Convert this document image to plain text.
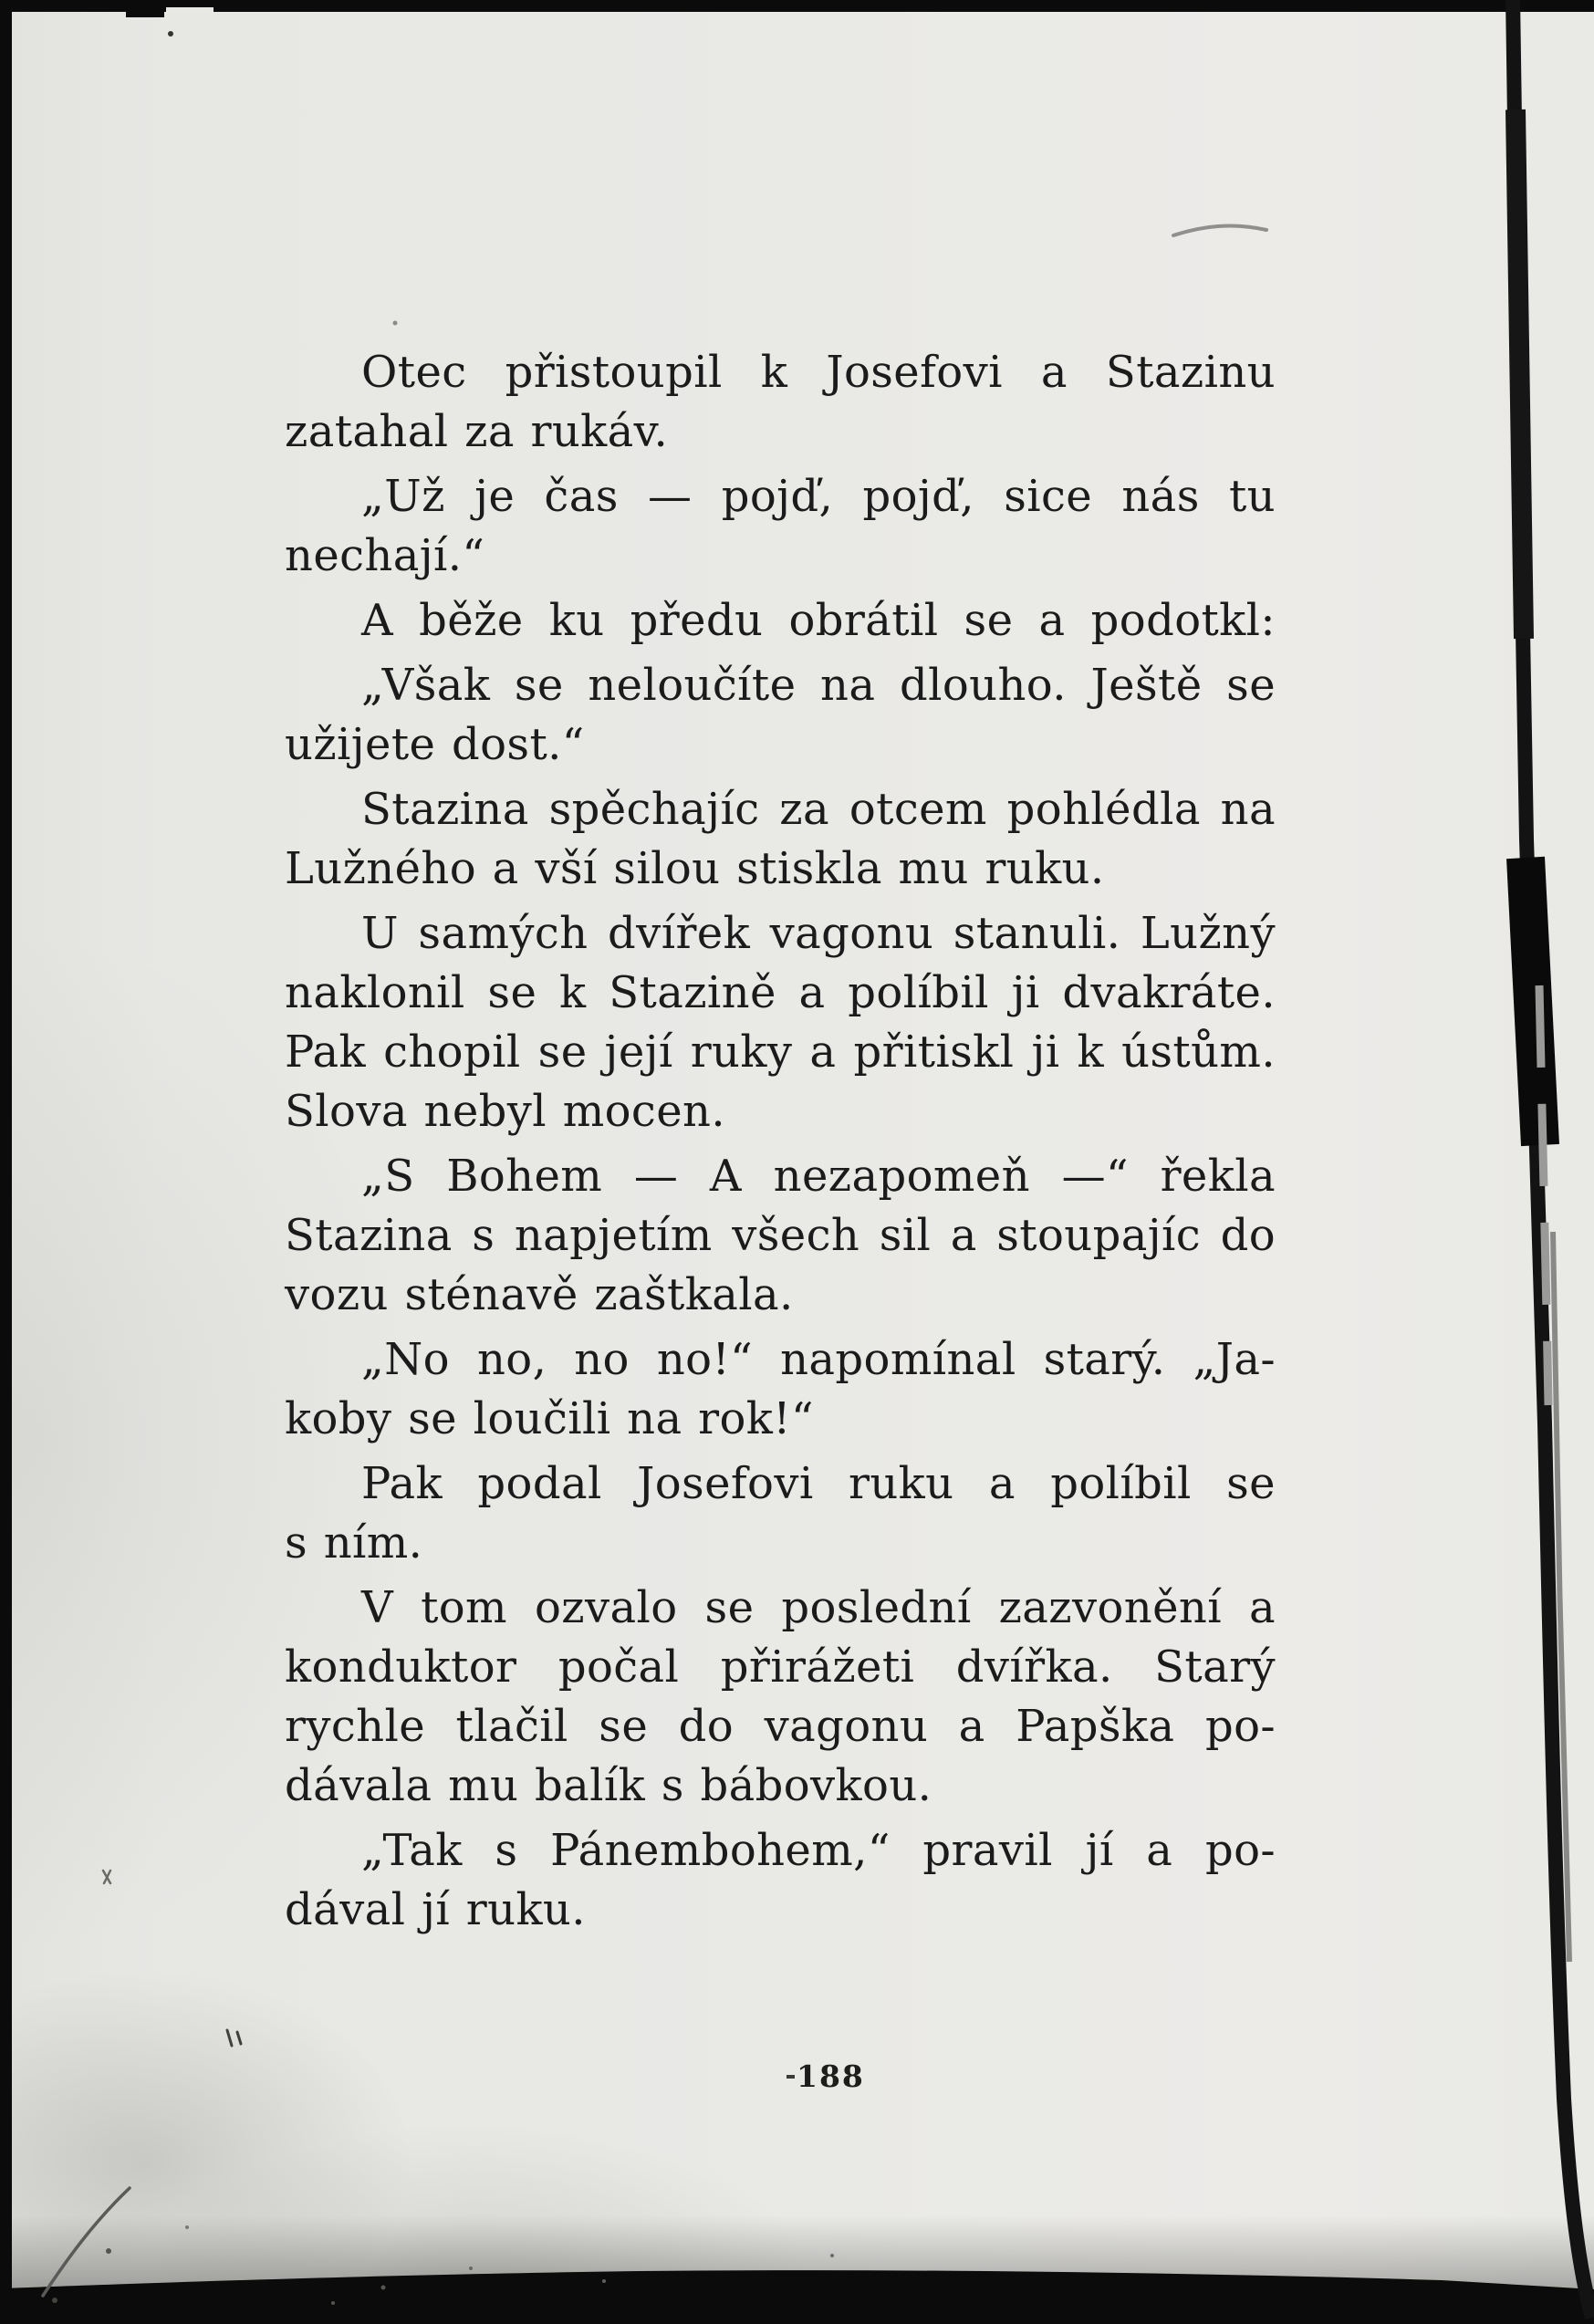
Otec přistoupil k Josefovi a Stazinu
zatahal za rukáv.
„Už je čas — pojď, pojď, sice nás tu
nechají.“
A běže ku předu obrátil se a podotkl:
„Však se neloučíte na dlouho. Ještě se
užijete dost.“
Stazina spěchajíc za otcem pohlédla na
Lužného a vší silou stiskla mu ruku.
U samých dvířek vagonu stanuli. Lužný
naklonil se k Stazině a políbil ji dvakráte.
Pak chopil se její ruky a přitiskl ji k ústům.
Slova nebyl mocen.
„S Bohem — A nezapomeň —“ řekla
Stazina s napjetím všech sil a stoupajíc do
vozu sténavě zaštkala.
„No no, no no!“ napomínal starý. „Ja-
koby se loučili na rok!“
Pak podal Josefovi ruku a políbil se
s ním.
V tom ozvalo se poslední zazvonění a
konduktor počal přirážeti dvířka. Starý
rychle tlačil se do vagonu a Papška po-
dávala mu balík s bábovkou.
„Tak s Pánembohem,“ pravil jí a po-
dával jí ruku.
188
